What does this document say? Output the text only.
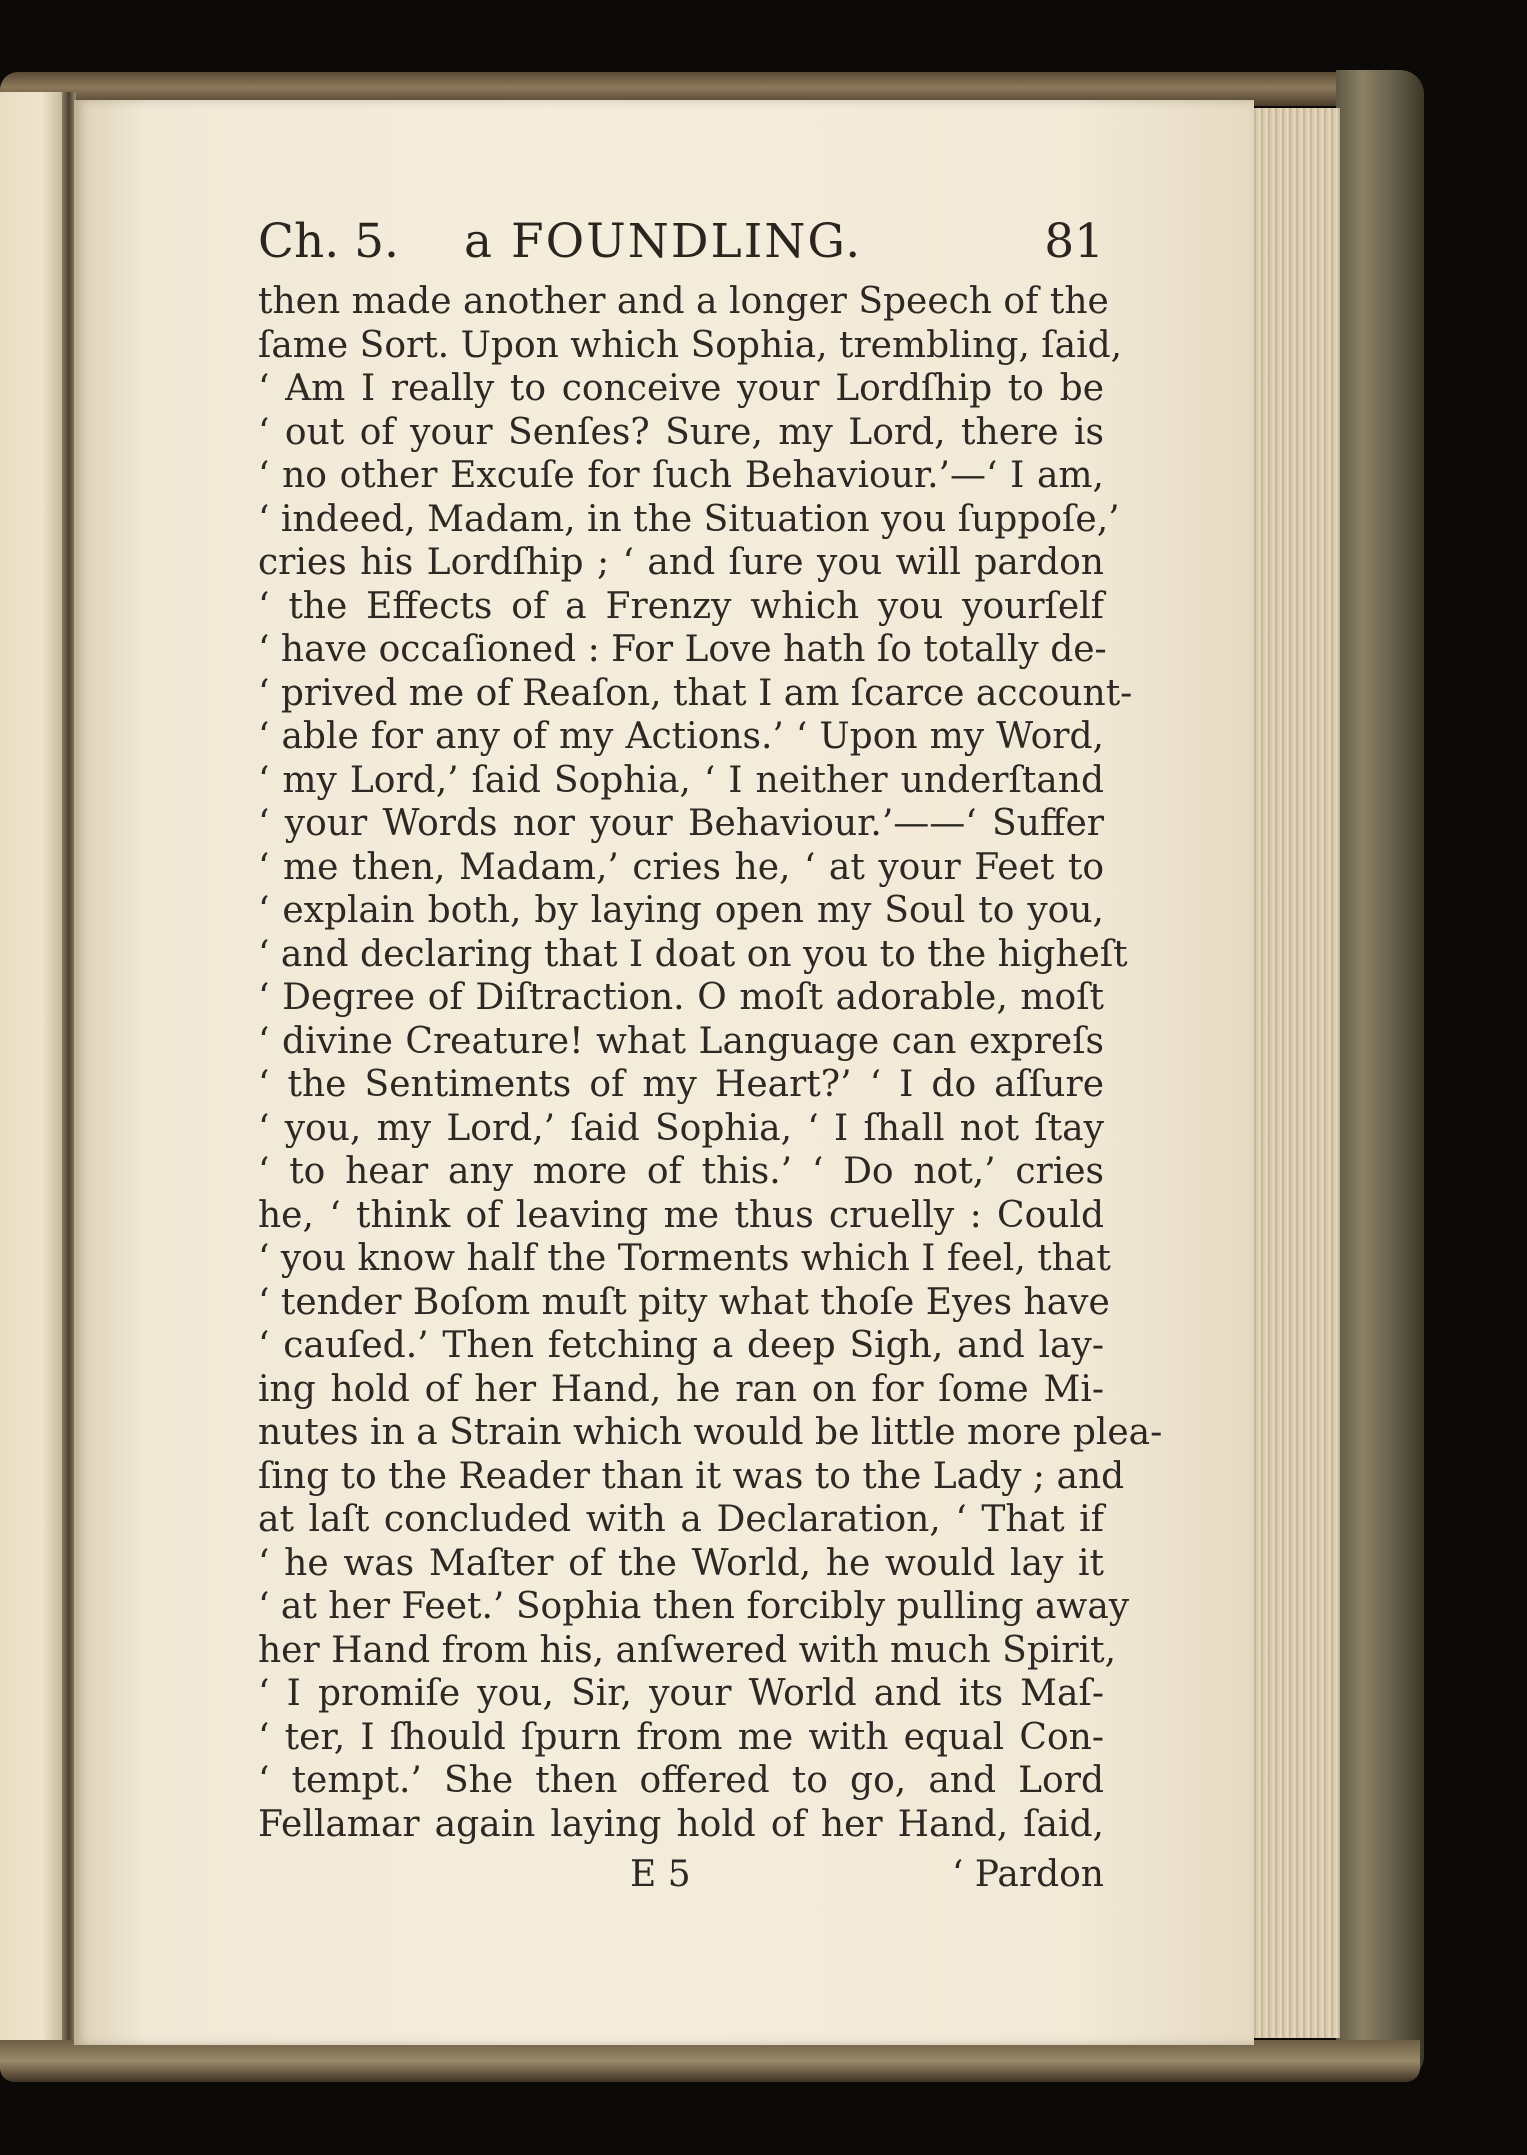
Ch. 5. a FOUNDLING.	81
then made another and a longer Speech of the
ſame Sort. Upon which Sophia, trembling, ſaid,
‘ Am I really to conceive your Lordſhip to be
‘ out of your Senſes? Sure, my Lord, there is
‘ no other Excuſe for ſuch Behaviour.’—‘ I am,
‘ indeed, Madam, in the Situation you ſuppoſe,’
cries his Lordſhip ; ‘ and ſure you will pardon
‘ the Effects of a Frenzy which you yourſelf
‘ have occaſioned : For Love hath ſo totally de-
‘ prived me of Reaſon, that I am ſcarce account-
‘ able for any of my Actions.’ ‘ Upon my Word,
‘ my Lord,’ ſaid Sophia, ‘ I neither underſtand
‘ your Words nor your Behaviour.’——‘ Suffer
‘ me then, Madam,’ cries he, ‘ at your Feet to
‘ explain both, by laying open my Soul to you,
‘ and declaring that I doat on you to the higheſt
‘ Degree of Diſtraction. O moſt adorable, moſt
‘ divine Creature! what Language can expreſs
‘ the Sentiments of my Heart?’ ‘ I do aſſure
‘ you, my Lord,’ ſaid Sophia, ‘ I ſhall not ſtay
‘ to hear any more of this.’ ‘ Do not,’ cries
he, ‘ think of leaving me thus cruelly : Could
‘ you know half the Torments which I feel, that
‘ tender Boſom muſt pity what thoſe Eyes have
‘ cauſed.’ Then fetching a deep Sigh, and lay-
ing hold of her Hand, he ran on for ſome Mi-
nutes in a Strain which would be little more plea-
ſing to the Reader than it was to the Lady ; and
at laſt concluded with a Declaration, ‘ That if
‘ he was Maſter of the World, he would lay it
‘ at her Feet.’ Sophia then forcibly pulling away
her Hand from his, anſwered with much Spirit,
‘ I promiſe you, Sir, your World and its Maſ-
‘ ter, I ſhould ſpurn from me with equal Con-
‘ tempt.’ She then offered to go, and Lord
Fellamar again laying hold of her Hand, ſaid,
E 5	‘ Pardon
